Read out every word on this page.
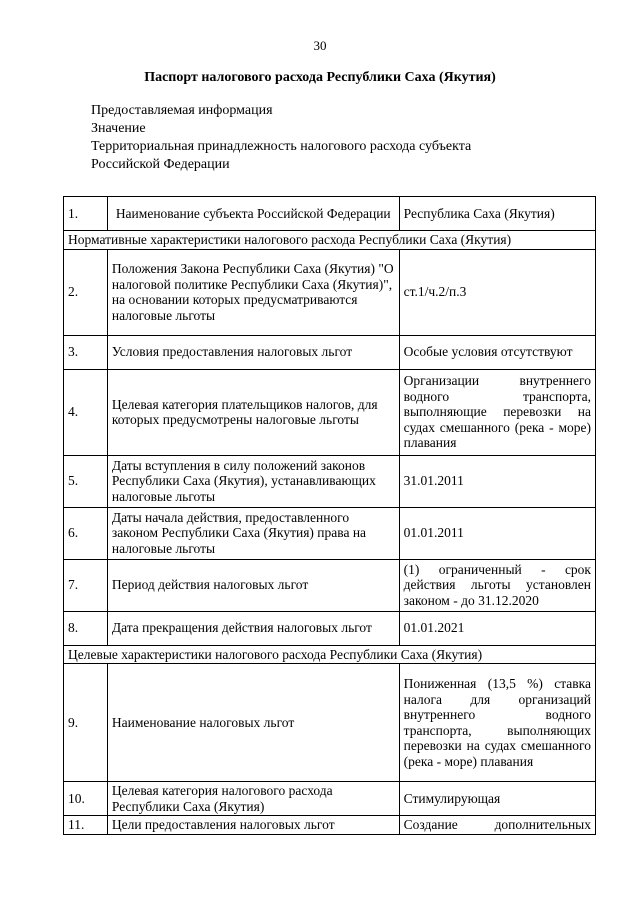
30
Паспорт налогового расхода Республики Саха (Якутия)
Предоставляемая информация
Значение
Территориальная принадлежность налогового расхода субъекта
Российской Федерации
1.	Наименование субъекта Российской Федерации	Республика Саха (Якутия)
Нормативные характеристики налогового расхода Республики Саха (Якутия)		
2.	Положения Закона Республики Саха (Якутия) "О налоговой политике Республики Саха (Якутия)", на основании которых предусматриваются налоговые льготы	ст.1/ч.2/п.3
3.	Условия предоставления налоговых льгот	Особые условия отсутствуют
4.	Целевая категория плательщиков налогов, для которых предусмотрены налоговые льготы	Организации внутреннего водного транспорта, выполняющие перевозки на судах смешанного (река - море) плавания
5.	Даты вступления в силу положений законов Республики Саха (Якутия), устанавливающих налоговые льготы	31.01.2011
6.	Даты начала действия, предоставленного законом Республики Саха (Якутия) права на налоговые льготы	01.01.2011
7.	Период действия налоговых льгот	(1) ограниченный - срок действия льготы установлен законом - до 31.12.2020
8.	Дата прекращения действия налоговых льгот	01.01.2021
Целевые характеристики налогового расхода Республики Саха (Якутия)		
9.	Наименование налоговых льгот	Пониженная (13,5 %) ставка налога для организаций внутреннего водного транспорта, выполняющих перевозки на судах смешанного (река - море) плавания
10.	Целевая категория налогового расхода Республики Саха (Якутия)	Стимулирующая
11.	Цели предоставления налоговых льгот	Создание дополнительных
